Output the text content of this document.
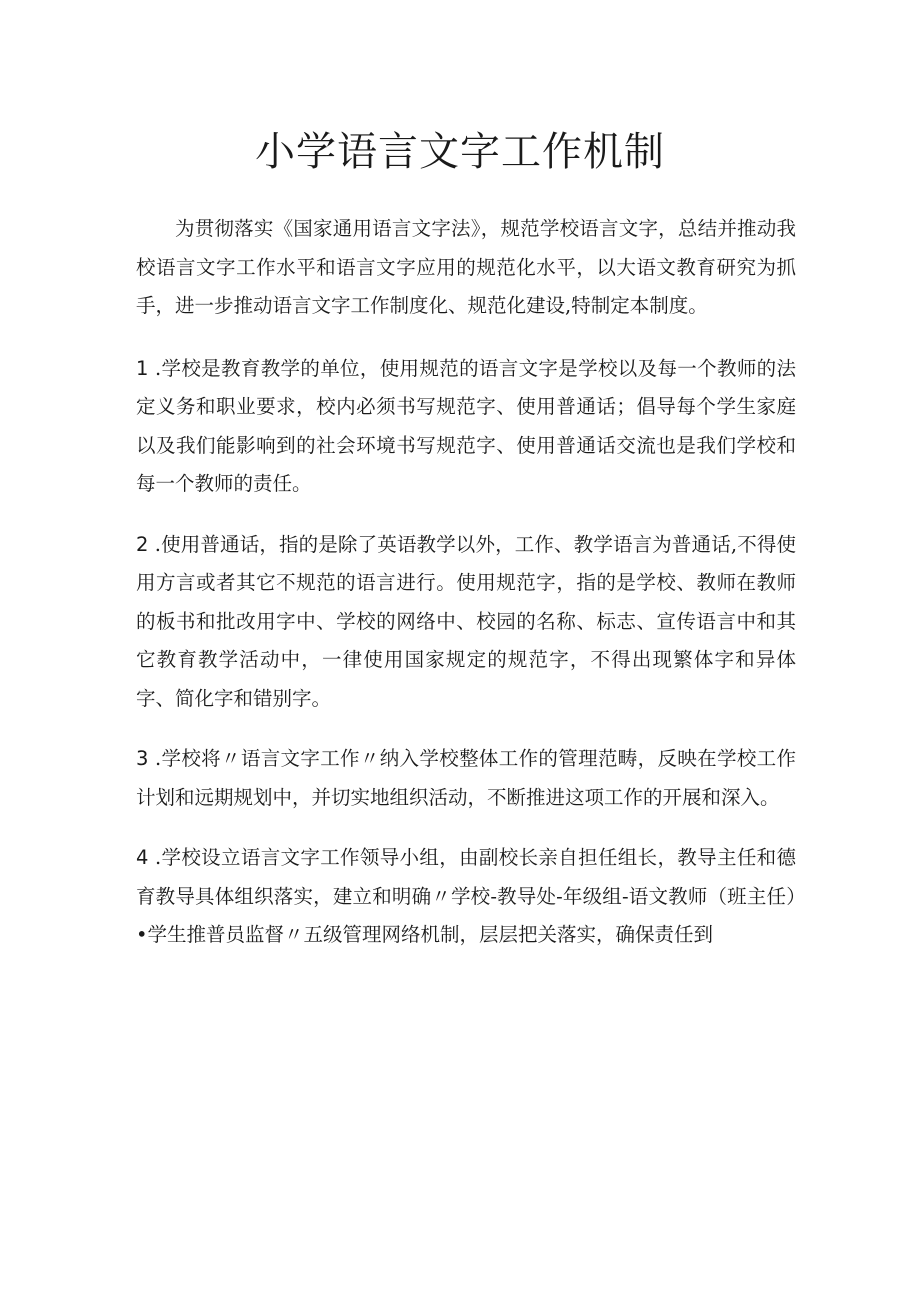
小学语言文字工作机制

为贯彻落实《国家通用语言文字法》，规范学校语言文字，总结并推动我校语言文字工作水平和语言文字应用的规范化水平，以大语文教育研究为抓手，进一步推动语言文字工作制度化、规范化建设,特制定本制度。

1 .学校是教育教学的单位，使用规范的语言文字是学校以及每一个教师的法定义务和职业要求，校内必须书写规范字、使用普通话；倡导每个学生家庭以及我们能影响到的社会环境书写规范字、使用普通话交流也是我们学校和每一个教师的责任。

2 .使用普通话，指的是除了英语教学以外，工作、教学语言为普通话,不得使用方言或者其它不规范的语言进行。使用规范字，指的是学校、教师在教师的板书和批改用字中、学校的网络中、校园的名称、标志、宣传语言中和其它教育教学活动中，一律使用国家规定的规范字，不得出现繁体字和异体字、简化字和错别字。

3 .学校将〃语言文字工作〃纳入学校整体工作的管理范畴，反映在学校工作计划和远期规划中，并切实地组织活动，不断推进这项工作的开展和深入。

4 .学校设立语言文字工作领导小组，由副校长亲自担任组长，教导主任和德育教导具体组织落实，建立和明确〃学校-教导处-年级组-语文教师（班主任）•学生推普员监督〃五级管理网络机制，层层把关落实，确保责任到
